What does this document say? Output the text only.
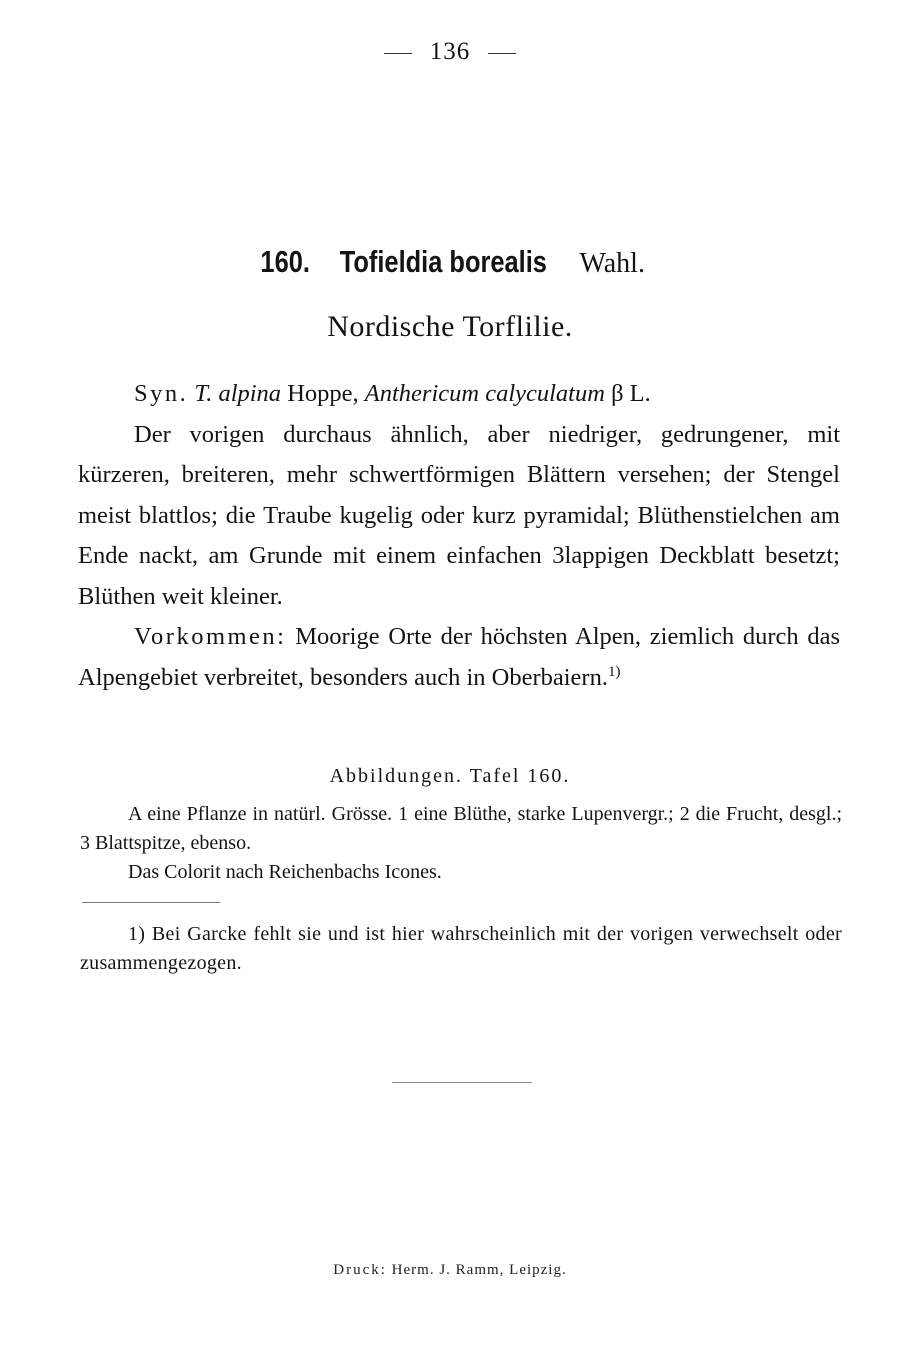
136
160. Tofieldia borealis Wahl.
Nordische Torflilie.

Syn. T. alpina Hoppe, Anthericum calyculatum β L.

Der vorigen durchaus ähnlich, aber niedriger, gedrungener, mit kürzeren, breiteren, mehr schwertförmigen Blättern versehen; der Stengel meist blattlos; die Traube kugelig oder kurz pyramidal; Blüthenstielchen am Ende nackt, am Grunde mit einem einfachen 3lappigen Deckblatt besetzt; Blüthen weit kleiner.

Vorkommen: Moorige Orte der höchsten Alpen, ziemlich durch das Alpengebiet verbreitet, besonders auch in Oberbaiern.$^{1)}$

Abbildungen. Tafel 160.

A eine Pflanze in natürl. Grösse. 1 eine Blüthe, starke Lupenvergr.; 2 die Frucht, desgl.; 3 Blattspitze, ebenso.

Das Colorit nach Reichenbachs Icones.

1) Bei Garcke fehlt sie und ist hier wahrscheinlich mit der vorigen verwechselt oder zusammengezogen.

Druck: Herm. J. Ramm, Leipzig.
